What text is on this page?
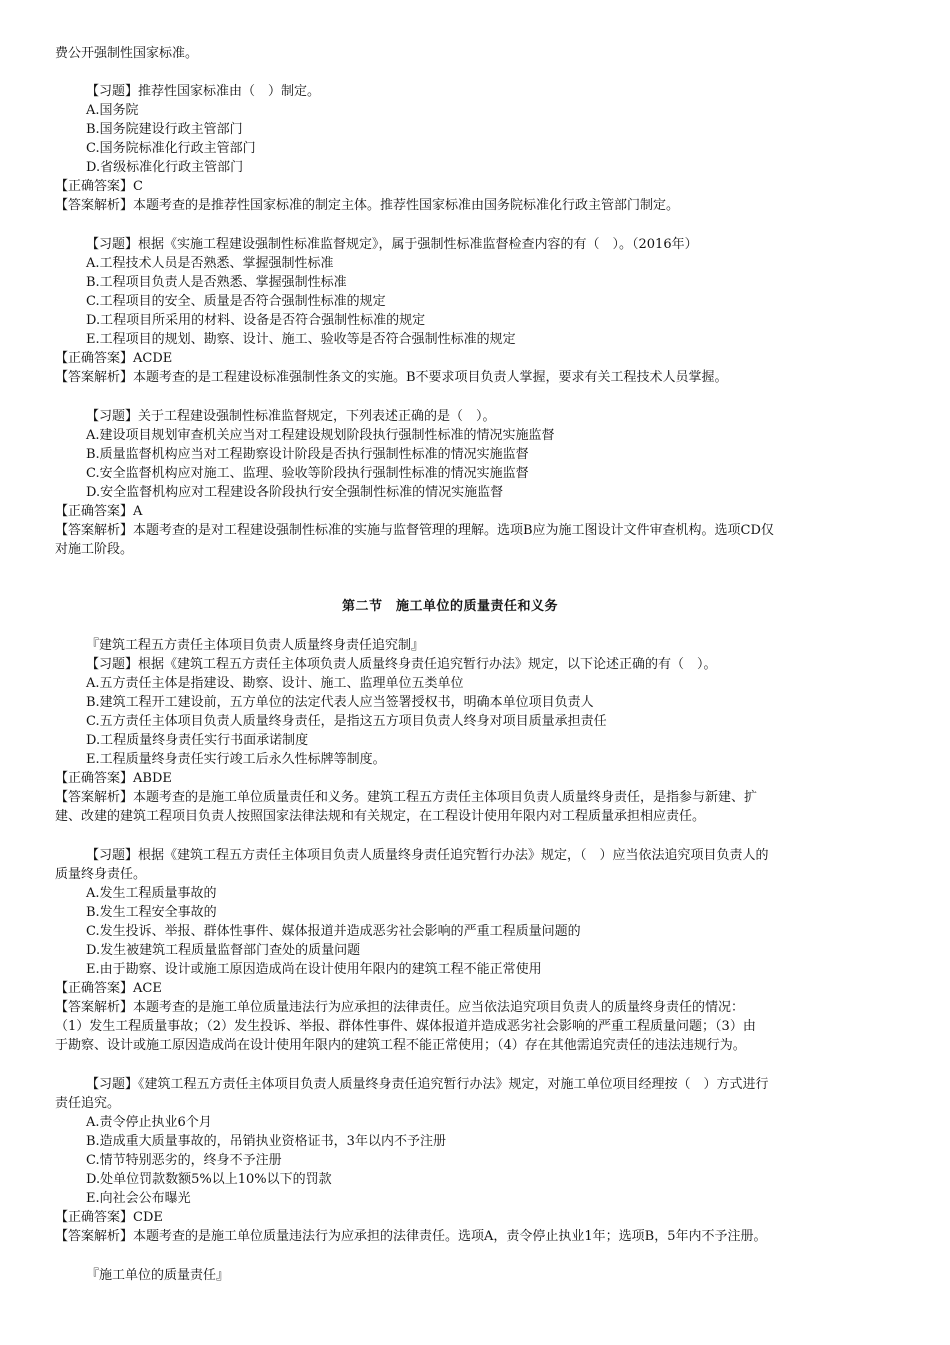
费公开强制性国家标准。
【习题】推荐性国家标准由（　）制定。
A.国务院
B.国务院建设行政主管部门
C.国务院标准化行政主管部门
D.省级标准化行政主管部门
【正确答案】C
【答案解析】本题考查的是推荐性国家标准的制定主体。推荐性国家标准由国务院标准化行政主管部门制定。
【习题】根据《实施工程建设强制性标准监督规定》，属于强制性标准监督检查内容的有（　）。（2016年）
A.工程技术人员是否熟悉、掌握强制性标准
B.工程项目负责人是否熟悉、掌握强制性标准
C.工程项目的安全、质量是否符合强制性标准的规定
D.工程项目所采用的材料、设备是否符合强制性标准的规定
E.工程项目的规划、勘察、设计、施工、验收等是否符合强制性标准的规定
【正确答案】ACDE
【答案解析】本题考查的是工程建设标准强制性条文的实施。B不要求项目负责人掌握，要求有关工程技术人员掌握。
【习题】关于工程建设强制性标准监督规定，下列表述正确的是（　）。
A.建设项目规划审查机关应当对工程建设规划阶段执行强制性标准的情况实施监督
B.质量监督机构应当对工程勘察设计阶段是否执行强制性标准的情况实施监督
C.安全监督机构应对施工、监理、验收等阶段执行强制性标准的情况实施监督
D.安全监督机构应对工程建设各阶段执行安全强制性标准的情况实施监督
【正确答案】A
【答案解析】本题考查的是对工程建设强制性标准的实施与监督管理的理解。选项B应为施工图设计文件审查机构。选项CD仅
对施工阶段。
第二节　施工单位的质量责任和义务
『建筑工程五方责任主体项目负责人质量终身责任追究制』
【习题】根据《建筑工程五方责任主体项负责人质量终身责任追究暂行办法》规定，以下论述正确的有（　）。
A.五方责任主体是指建设、勘察、设计、施工、监理单位五类单位
B.建筑工程开工建设前，五方单位的法定代表人应当签署授权书，明确本单位项目负责人
C.五方责任主体项目负责人质量终身责任，是指这五方项目负责人终身对项目质量承担责任
D.工程质量终身责任实行书面承诺制度
E.工程质量终身责任实行竣工后永久性标牌等制度。
【正确答案】ABDE
【答案解析】本题考查的是施工单位质量责任和义务。建筑工程五方责任主体项目负责人质量终身责任，是指参与新建、扩
建、改建的建筑工程项目负责人按照国家法律法规和有关规定，在工程设计使用年限内对工程质量承担相应责任。
【习题】根据《建筑工程五方责任主体项目负责人质量终身责任追究暂行办法》规定，（　）应当依法追究项目负责人的
质量终身责任。
A.发生工程质量事故的
B.发生工程安全事故的
C.发生投诉、举报、群体性事件、媒体报道并造成恶劣社会影响的严重工程质量问题的
D.发生被建筑工程质量监督部门查处的质量问题
E.由于勘察、设计或施工原因造成尚在设计使用年限内的建筑工程不能正常使用
【正确答案】ACE
【答案解析】本题考查的是施工单位质量违法行为应承担的法律责任。应当依法追究项目负责人的质量终身责任的情况：
（1）发生工程质量事故；（2）发生投诉、举报、群体性事件、媒体报道并造成恶劣社会影响的严重工程质量问题；（3）由
于勘察、设计或施工原因造成尚在设计使用年限内的建筑工程不能正常使用；（4）存在其他需追究责任的违法违规行为。
【习题】《建筑工程五方责任主体项目负责人质量终身责任追究暂行办法》规定，对施工单位项目经理按（　）方式进行
责任追究。
A.责令停止执业6个月
B.造成重大质量事故的，吊销执业资格证书，3年以内不予注册
C.情节特别恶劣的，终身不予注册
D.处单位罚款数额5%以上10%以下的罚款
E.向社会公布曝光
【正确答案】CDE
【答案解析】本题考查的是施工单位质量违法行为应承担的法律责任。选项A，责令停止执业1年；选项B，5年内不予注册。
『施工单位的质量责任』
